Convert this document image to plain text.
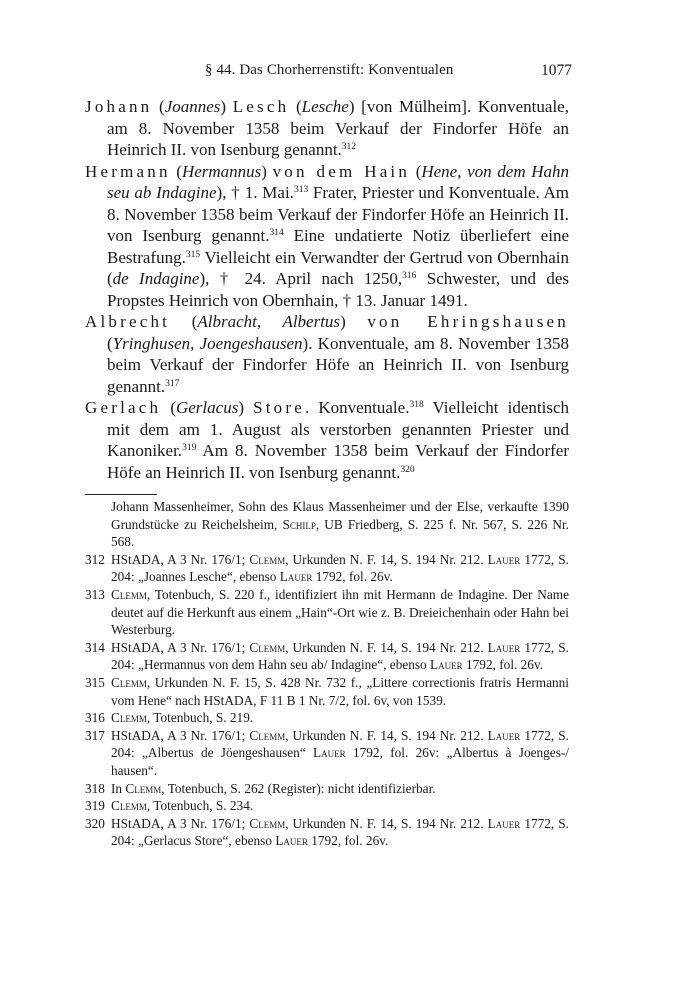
§ 44. Das Chorherrenstift: Konventualen	1077
Johann (Joannes) Lesch (Lesche) [von Mülheim]. Konventuale, am 8. November 1358 beim Verkauf der Findorfer Höfe an Heinrich II. von Isenburg genannt.$^{312}$
Hermann (Hermannus) von dem Hain (Hene, von dem Hahn seu ab Indagine), † 1. Mai.$^{313}$ Frater, Priester und Konventuale. Am 8. November 1358 beim Verkauf der Findorfer Höfe an Heinrich II. von Isenburg genannt.$^{314}$ Eine undatierte Notiz überliefert eine Bestrafung.$^{315}$ Vielleicht ein Verwandter der Gertrud von Obernhain (de Indagine), † 24. April nach 1250,$^{316}$ Schwester, und des Propstes Heinrich von Obernhain, † 13. Januar 1491.
Albrecht (Albracht, Albertus) von Ehringshausen (Yringhusen, Joengeshausen). Konventuale, am 8. November 1358 beim Verkauf der Findorfer Höfe an Heinrich II. von Isenburg genannt.$^{317}$
Gerlach (Gerlacus) Store. Konventuale.$^{318}$ Vielleicht identisch mit dem am 1. August als verstorben genannten Priester und Kanoniker.$^{319}$ Am 8. November 1358 beim Verkauf der Findorfer Höfe an Heinrich II. von Isenburg genannt.$^{320}$
Johann Massenheimer, Sohn des Klaus Massenheimer und der Else, verkaufte 1390 Grundstücke zu Reichelsheim, Schilp, UB Friedberg, S. 225 f. Nr. 567, S. 226 Nr. 568.
312 HStADA, A 3 Nr. 176/1; Clemm, Urkunden N. F. 14, S. 194 Nr. 212. Lauer 1772, S. 204: „Joannes Lesche“, ebenso Lauer 1792, fol. 26v.
313 Clemm, Totenbuch, S. 220 f., identifiziert ihn mit Hermann de Indagine. Der Name deutet auf die Herkunft aus einem „Hain“-Ort wie z. B. Dreieichenhain oder Hahn bei Westerburg.
314 HStADA, A 3 Nr. 176/1; Clemm, Urkunden N. F. 14, S. 194 Nr. 212. Lauer 1772, S. 204: „Hermannus von dem Hahn seu ab/ Indagine“, ebenso Lauer 1792, fol. 26v.
315 Clemm, Urkunden N. F. 15, S. 428 Nr. 732 f., „Littere correctionis fratris Hermanni vom Hene“ nach HStADA, F 11 B 1 Nr. 7/2, fol. 6v, von 1539.
316 Clemm, Totenbuch, S. 219.
317 HStADA, A 3 Nr. 176/1; Clemm, Urkunden N. F. 14, S. 194 Nr. 212. Lauer 1772, S. 204: „Albertus de Jöengeshausen“ Lauer 1792, fol. 26v: „Albertus à Joenges-/ hausen“.
318 In Clemm, Totenbuch, S. 262 (Register): nicht identifizierbar.
319 Clemm, Totenbuch, S. 234.
320 HStADA, A 3 Nr. 176/1; Clemm, Urkunden N. F. 14, S. 194 Nr. 212. Lauer 1772, S. 204: „Gerlacus Store“, ebenso Lauer 1792, fol. 26v.
